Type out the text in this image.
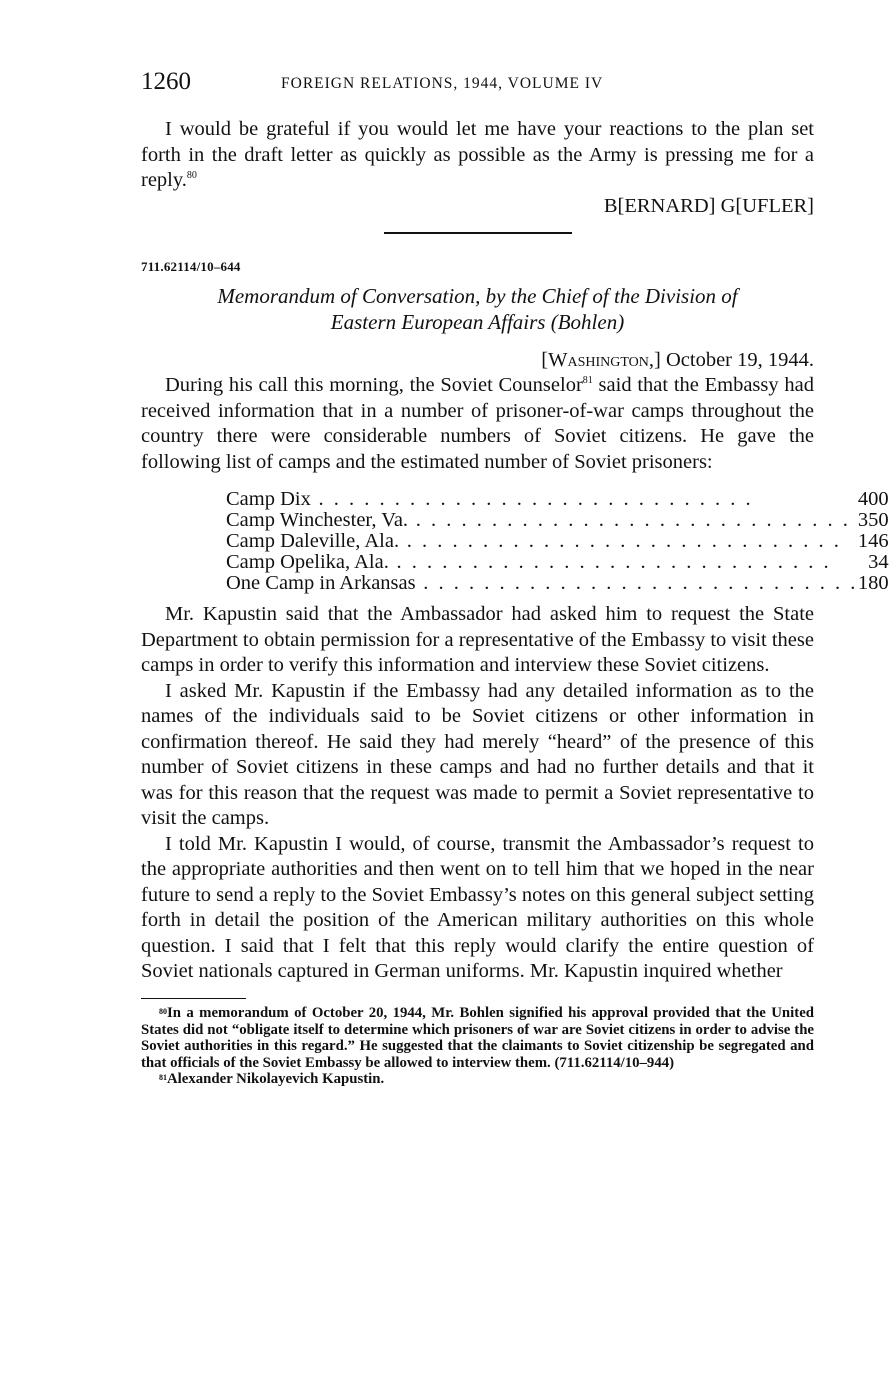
1260	FOREIGN RELATIONS, 1944, VOLUME IV

I would be grateful if you would let me have your reactions to the plan set forth in the draft letter as quickly as possible as the Army is pressing me for a reply.$^{80}$

B[ERNARD] G[UFLER]
711.62114/10–644
Memorandum of Conversation, by the Chief of the Division of
Eastern European Affairs (Bohlen)
[Washington,] October 19, 1944.

During his call this morning, the Soviet Counselor$^{81}$ said that the Embassy had received information that in a number of prisoner-of-war camps throughout the country there were considerable numbers of Soviet citizens. He gave the following list of camps and the estimated number of Soviet prisoners:

Camp Dix . . .	400
Camp Winchester, Va. . . .	350
Camp Daleville, Ala. . . .	146
Camp Opelika, Ala. . . .	34
One Camp in Arkansas . . .	180

Mr. Kapustin said that the Ambassador had asked him to request the State Department to obtain permission for a representative of the Embassy to visit these camps in order to verify this information and interview these Soviet citizens.

I asked Mr. Kapustin if the Embassy had any detailed information as to the names of the individuals said to be Soviet citizens or other information in confirmation thereof. He said they had merely “heard” of the presence of this number of Soviet citizens in these camps and had no further details and that it was for this reason that the request was made to permit a Soviet representative to visit the camps.

I told Mr. Kapustin I would, of course, transmit the Ambassador’s request to the appropriate authorities and then went on to tell him that we hoped in the near future to send a reply to the Soviet Embassy’s notes on this general subject setting forth in detail the position of the American military authorities on this whole question. I said that I felt that this reply would clarify the entire question of Soviet nationals captured in German uniforms. Mr. Kapustin inquired whether

$^{80}$In a memorandum of October 20, 1944, Mr. Bohlen signified his approval provided that the United States did not “obligate itself to determine which prisoners of war are Soviet citizens in order to advise the Soviet authorities in this regard.” He suggested that the claimants to Soviet citizenship be segregated and that officials of the Soviet Embassy be allowed to interview them. (711.62114/10–944)

$^{81}$Alexander Nikolayevich Kapustin.
